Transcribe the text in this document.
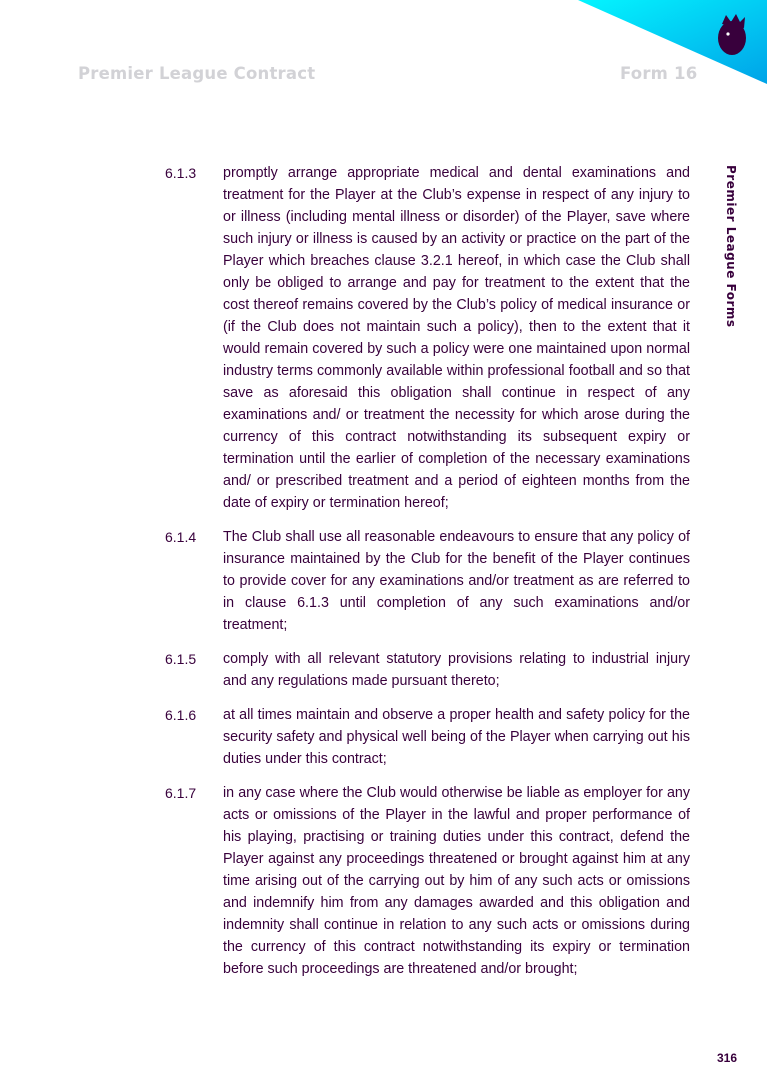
Premier League Contract	Form 16
Premier League Forms
6.1.3	promptly arrange appropriate medical and dental examinations and treatment for the Player at the Club’s expense in respect of any injury to or illness (including mental illness or disorder) of the Player, save where such injury or illness is caused by an activity or practice on the part of the Player which breaches clause 3.2.1 hereof, in which case the Club shall only be obliged to arrange and pay for treatment to the extent that the cost thereof remains covered by the Club’s policy of medical insurance or (if the Club does not maintain such a policy), then to the extent that it would remain covered by such a policy were one maintained upon normal industry terms commonly available within professional football and so that save as aforesaid this obligation shall continue in respect of any examinations and/ or treatment the necessity for which arose during the currency of this contract notwithstanding its subsequent expiry or termination until the earlier of completion of the necessary examinations and/ or prescribed treatment and a period of eighteen months from the date of expiry or termination hereof;
6.1.4	The Club shall use all reasonable endeavours to ensure that any policy of insurance maintained by the Club for the benefit of the Player continues to provide cover for any examinations and/or treatment as are referred to in clause 6.1.3 until completion of any such examinations and/or treatment;
6.1.5	comply with all relevant statutory provisions relating to industrial injury and any regulations made pursuant thereto;
6.1.6	at all times maintain and observe a proper health and safety policy for the security safety and physical well being of the Player when carrying out his duties under this contract;
6.1.7	in any case where the Club would otherwise be liable as employer for any acts or omissions of the Player in the lawful and proper performance of his playing, practising or training duties under this contract, defend the Player against any proceedings threatened or brought against him at any time arising out of the carrying out by him of any such acts or omissions and indemnify him from any damages awarded and this obligation and indemnity shall continue in relation to any such acts or omissions during the currency of this contract notwithstanding its expiry or termination before such proceedings are threatened and/or brought;
316
